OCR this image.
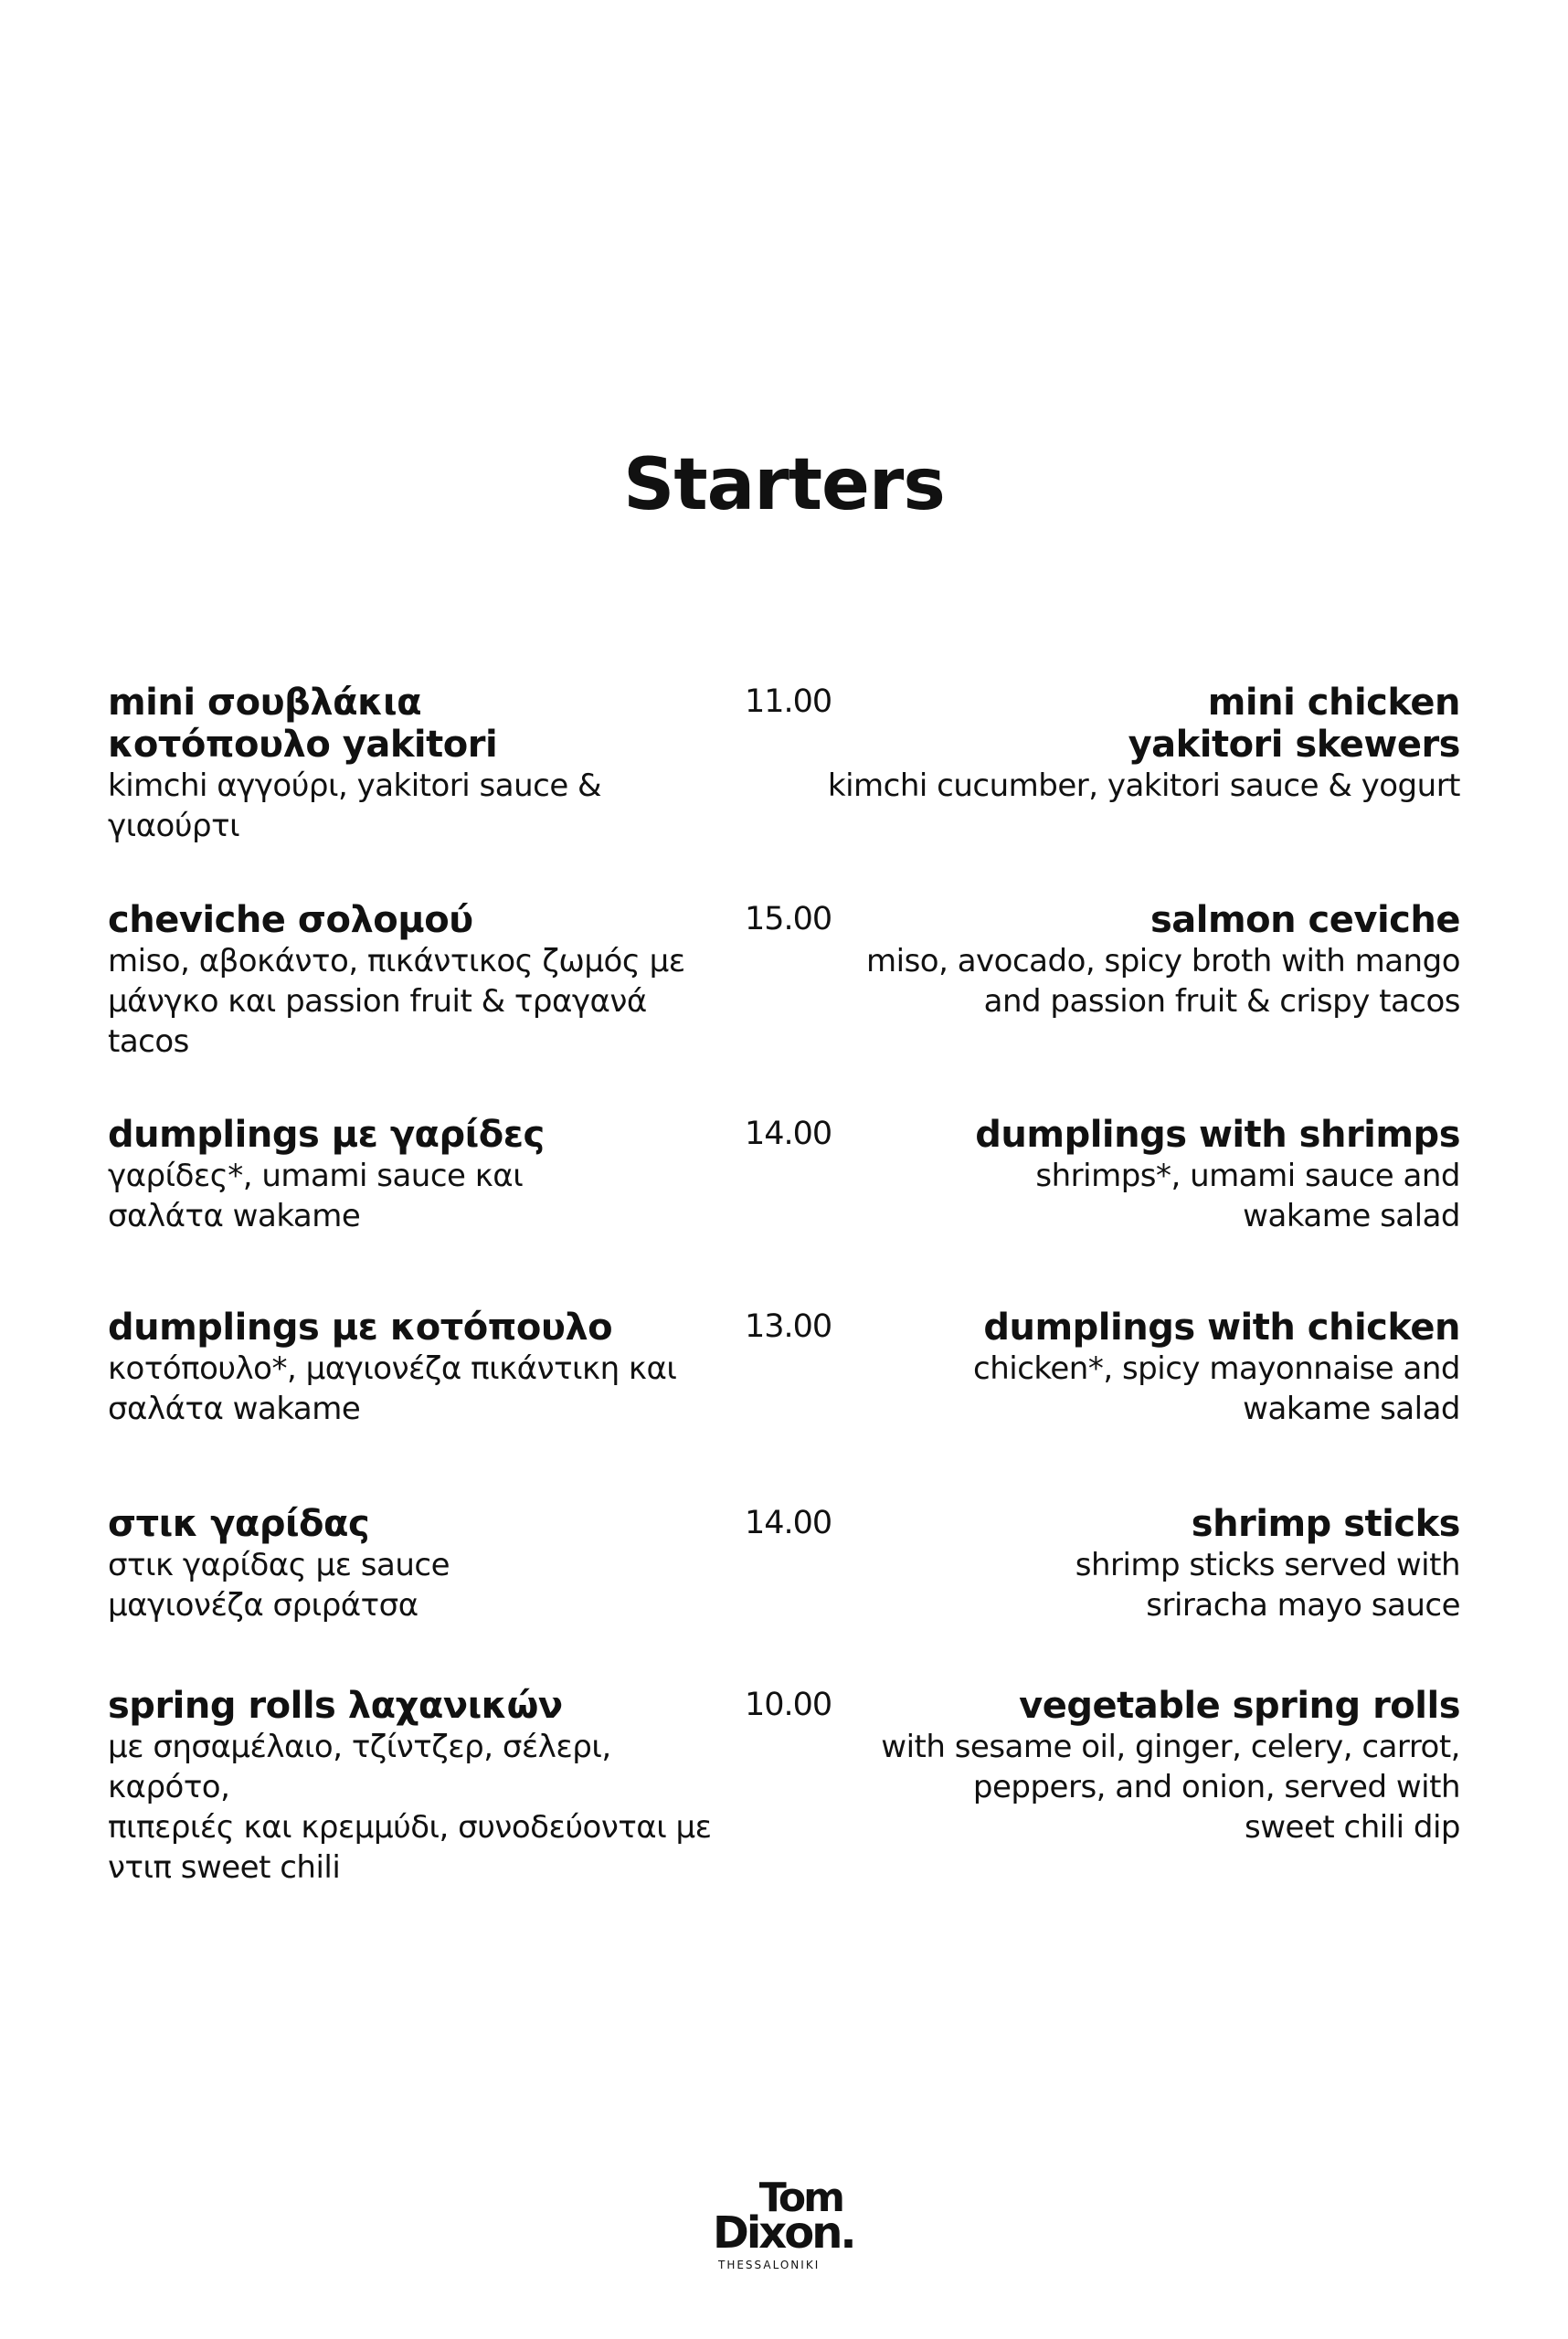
Starters
mini σουβλάκια
κοτόπουλο yakitori
kimchi αγγούρι, yakitori sauce & γιαούρτι
11.00	mini chicken
yakitori skewers
kimchi cucumber, yakitori sauce & yogurt
cheviche σολομού
miso, αβοκάντο, πικάντικος ζωμός με
μάνγκο και passion fruit & τραγανά tacos
15.00	salmon ceviche
miso, avocado, spicy broth with mango
and passion fruit & crispy tacos
dumplings με γαρίδες
γαρίδες*, umami sauce και
σαλάτα wakame
14.00	dumplings with shrimps
shrimps*, umami sauce and
wakame salad
dumplings με κοτόπουλο
κοτόπουλο*, μαγιονέζα πικάντικη και
σαλάτα wakame
13.00	dumplings with chicken
chicken*, spicy mayonnaise and
wakame salad
στικ γαρίδας
στικ γαρίδας με sauce
μαγιονέζα σριράτσα
14.00	shrimp sticks
shrimp sticks served with
sriracha mayo sauce
spring rolls λαχανικών
με σησαμέλαιο, τζίντζερ, σέλερι, καρότο,
πιπεριές και κρεμμύδι, συνοδεύονται με
ντιπ sweet chili
10.00	vegetable spring rolls
with sesame oil, ginger, celery, carrot,
peppers, and onion, served with
sweet chili dip
Tom
Dixon.
THESSALONIKI
